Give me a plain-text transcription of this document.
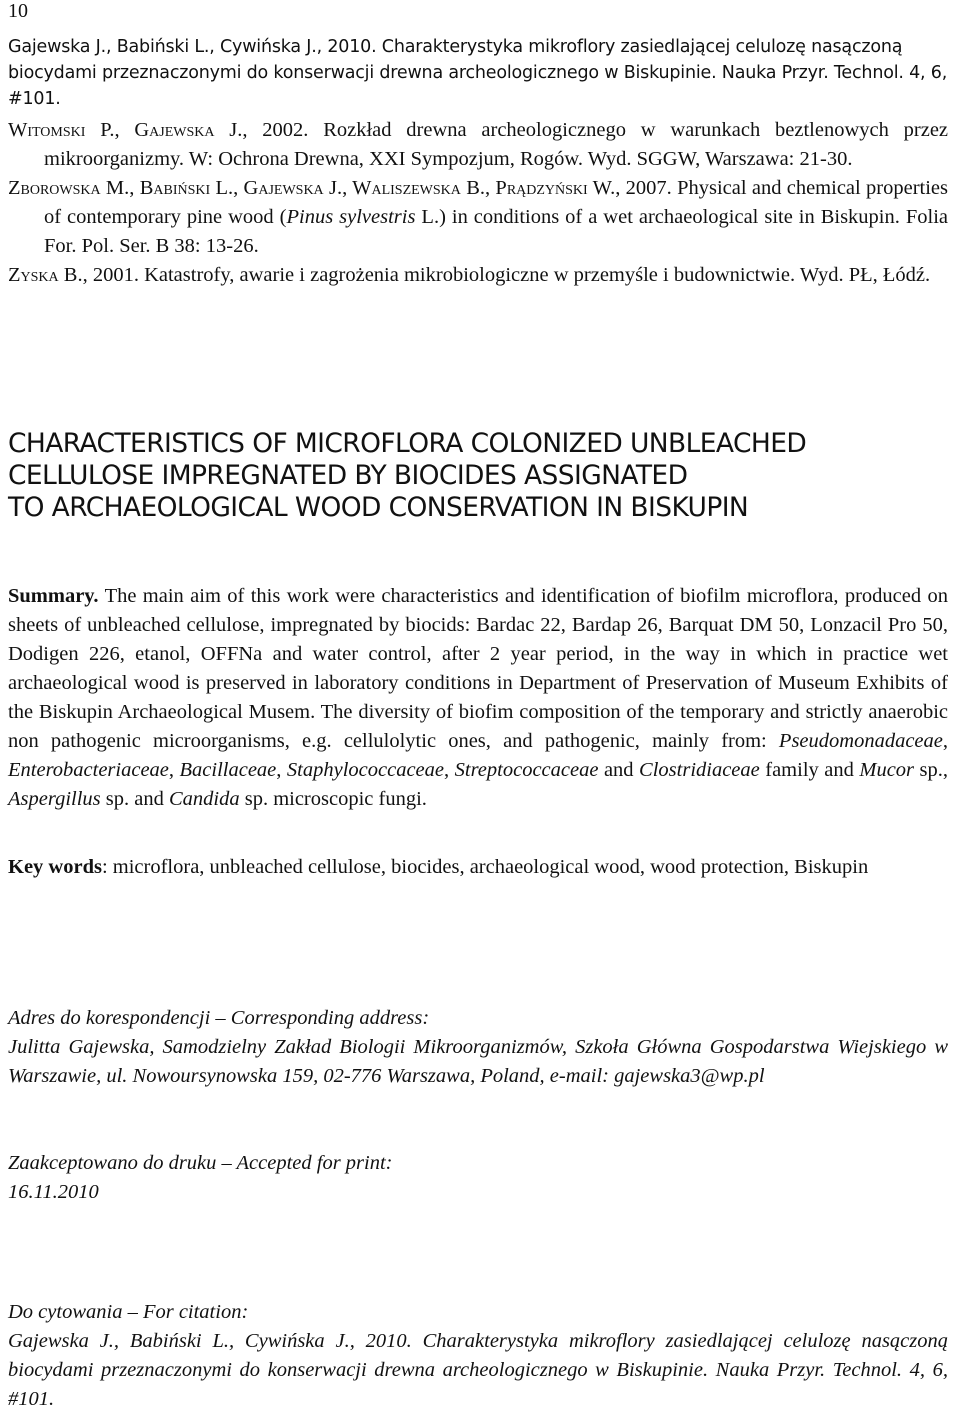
10
Gajewska J., Babiński L., Cywińska J., 2010. Charakterystyka mikroflory zasiedlającej celulozę nasączoną biocydami przeznaczonymi do konserwacji drewna archeologicznego w Biskupinie. Nauka Przyr. Technol. 4, 6, #101.

Witomski P., Gajewska J., 2002. Rozkład drewna archeologicznego w warunkach beztlenowych przez mikroorganizmy. W: Ochrona Drewna, XXI Sympozjum, Rogów. Wyd. SGGW, Warszawa: 21-30.

Zborowska M., Babiński L., Gajewska J., Waliszewska B., Prądzyński W., 2007. Physical and chemical properties of contemporary pine wood (Pinus sylvestris L.) in conditions of a wet archaeological site in Biskupin. Folia For. Pol. Ser. B 38: 13-26.

Zyska B., 2001. Katastrofy, awarie i zagrożenia mikrobiologiczne w przemyśle i budownictwie. Wyd. PŁ, Łódź.

CHARACTERISTICS OF MICROFLORA COLONIZED UNBLEACHED
CELLULOSE IMPREGNATED BY BIOCIDES ASSIGNATED
TO ARCHAEOLOGICAL WOOD CONSERVATION IN BISKUPIN
Summary. The main aim of this work were characteristics and identification of biofilm microflora, produced on sheets of unbleached cellulose, impregnated by biocids: Bardac 22, Bardap 26, Barquat DM 50, Lonzacil Pro 50, Dodigen 226, etanol, OFFNa and water control, after 2 year period, in the way in which in practice wet archaeological wood is preserved in laboratory conditions in Department of Preservation of Museum Exhibits of the Biskupin Archaeological Musem. The diversity of biofim composition of the temporary and strictly anaerobic non pathogenic microorganisms, e.g. cellulolytic ones, and pathogenic, mainly from: Pseudomonadaceae, Enterobacteriaceae, Bacillaceae, Staphylococcaceae, Streptococcaceae and Clostridiaceae family and Mucor sp., Aspergillus sp. and Candida sp. microscopic fungi.
Key words: microflora, unbleached cellulose, biocides, archaeological wood, wood protection, Biskupin
Adres do korespondencji – Corresponding address:
Julitta Gajewska, Samodzielny Zakład Biologii Mikroorganizmów, Szkoła Główna Gospodarstwa Wiejskiego w Warszawie, ul. Nowoursynowska 159, 02-776 Warszawa, Poland, e-mail: gajewska3@wp.pl
Zaakceptowano do druku – Accepted for print:
16.11.2010
Do cytowania – For citation:
Gajewska J., Babiński L., Cywińska J., 2010. Charakterystyka mikroflory zasiedlającej celulozę nasączoną biocydami przeznaczonymi do konserwacji drewna archeologicznego w Biskupinie. Nauka Przyr. Technol. 4, 6, #101.
